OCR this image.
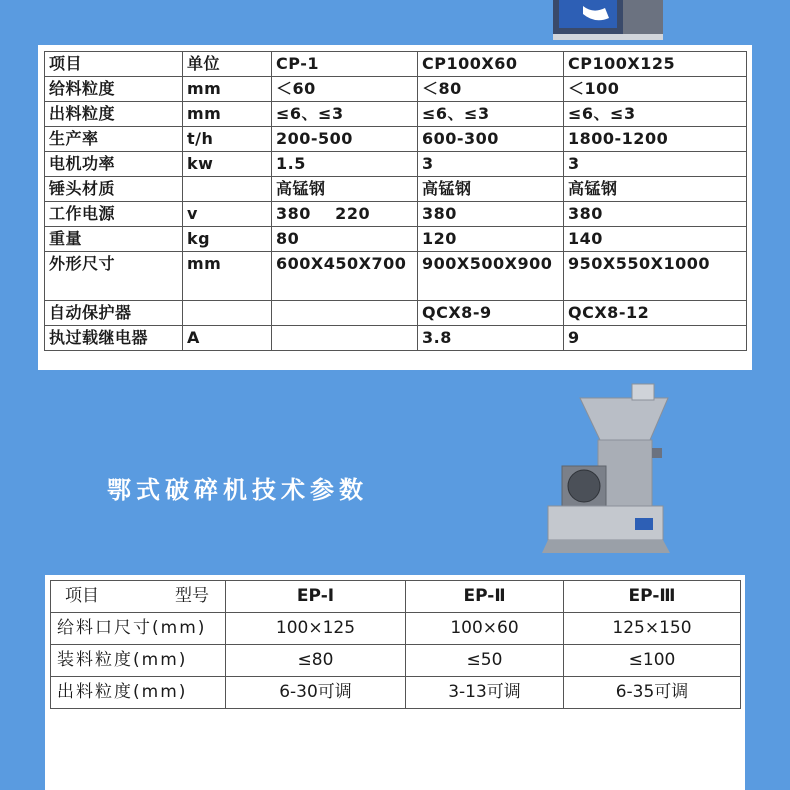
项目	单位	CP-1	CP100X60	CP100X125
给料粒度	mm	＜60	＜80	＜100
出料粒度	mm	≤6、≤3	≤6、≤3	≤6、≤3
生产率	t/h	200-500	600-300	1800-1200
电机功率	kw	1.5	3	3
锤头材质		高锰钢	高锰钢	高锰钢
工作电源	v	380    220	380	380
重量	kg	80	120	140
外形尺寸	mm	600X450X700	900X500X900	950X550X1000
自动保护器			QCX8-9	QCX8-12
执过载继电器	A		3.8	9
鄂式破碎机技术参数
项目 型号	EP-Ⅰ	EP-Ⅱ	EP-Ⅲ
给料口尺寸(mm)	100×125	100×60	125×150
装料粒度(mm)	≤80	≤50	≤100
出料粒度(mm)	6-30可调	3-13可调	6-35可调
